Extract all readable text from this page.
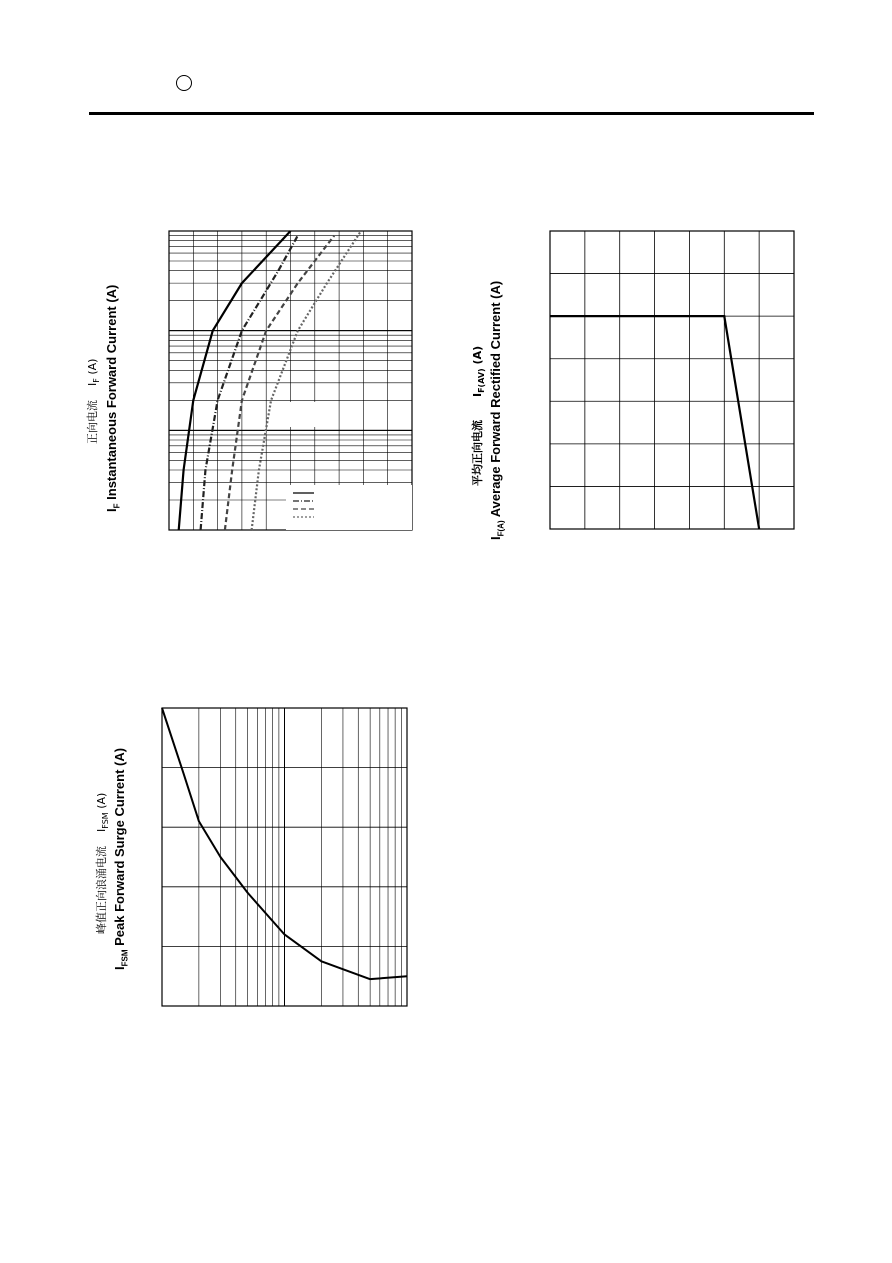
正向电流    $I_F$ (A)
$I_F$ Instantaneous Forward Current (A)	平均正向电流      $I_{F(AV)}$ (A)
$I_{F(A)}$ Average Forward Rectified Current (A)
峰值正向浪涌电流    $I_{FSM}$ (A)
$I_{FSM}$ Peak Forward Surge Current (A)
